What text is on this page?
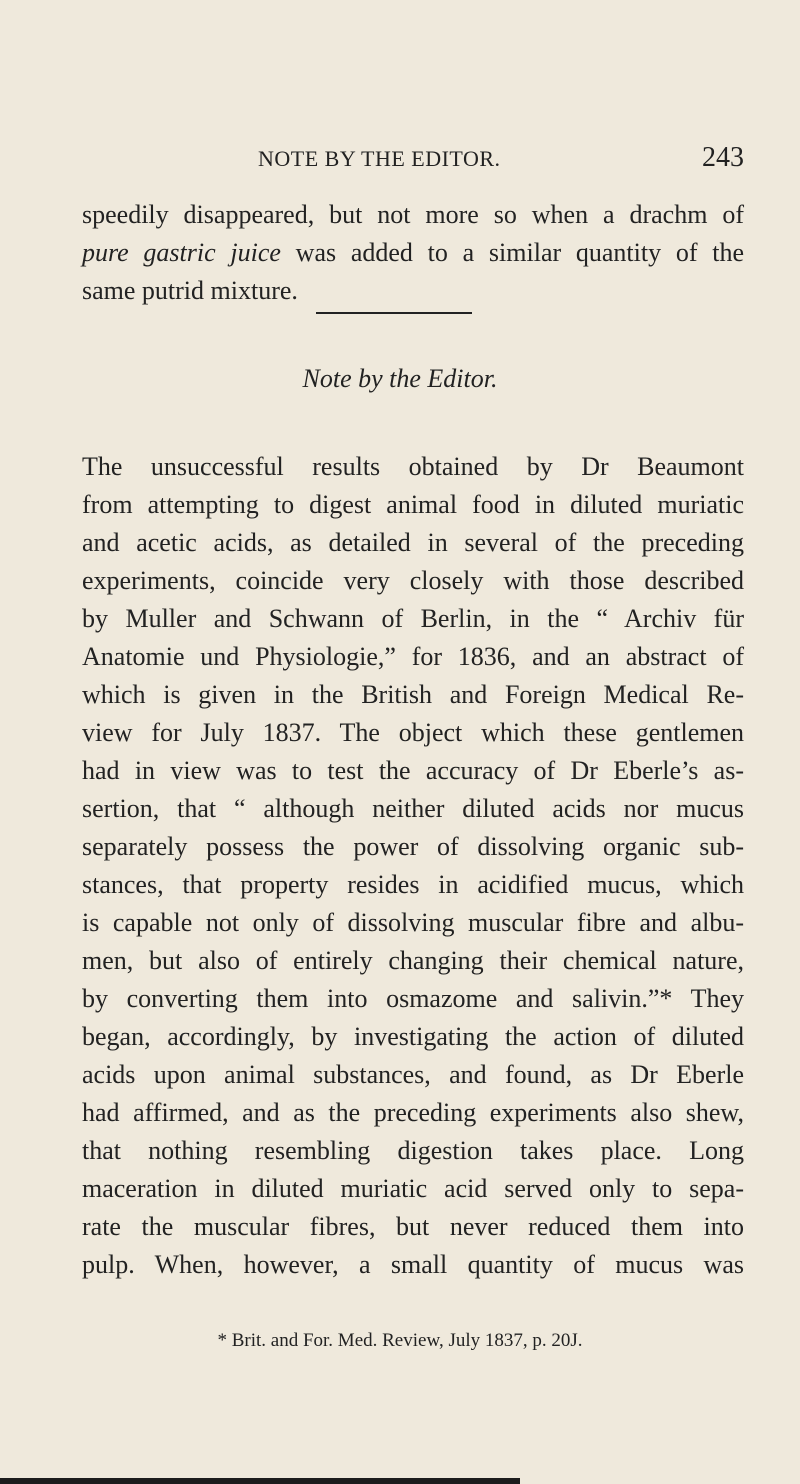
NOTE BY THE EDITOR.	243

speedily disappeared, but not more so when a drachm of
pure gastric juice was added to a similar quantity of the
same putrid mixture.

Note by the Editor.

The unsuccessful results obtained by Dr Beaumont
from attempting to digest animal food in diluted muriatic
and acetic acids, as detailed in several of the preceding
experiments, coincide very closely with those described
by Muller and Schwann of Berlin, in the “ Archiv für
Anatomie und Physiologie,” for 1836, and an abstract of
which is given in the British and Foreign Medical Re-
view for July 1837. The object which these gentlemen
had in view was to test the accuracy of Dr Eberle’s as-
sertion, that “ although neither diluted acids nor mucus
separately possess the power of dissolving organic sub-
stances, that property resides in acidified mucus, which
is capable not only of dissolving muscular fibre and albu-
men, but also of entirely changing their chemical nature,
by converting them into osmazome and salivin.”* They
began, accordingly, by investigating the action of diluted
acids upon animal substances, and found, as Dr Eberle
had affirmed, and as the preceding experiments also shew,
that nothing resembling digestion takes place. Long
maceration in diluted muriatic acid served only to sepa-
rate the muscular fibres, but never reduced them into
pulp. When, however, a small quantity of mucus was

* Brit. and For. Med. Review, July 1837, p. 20J.
